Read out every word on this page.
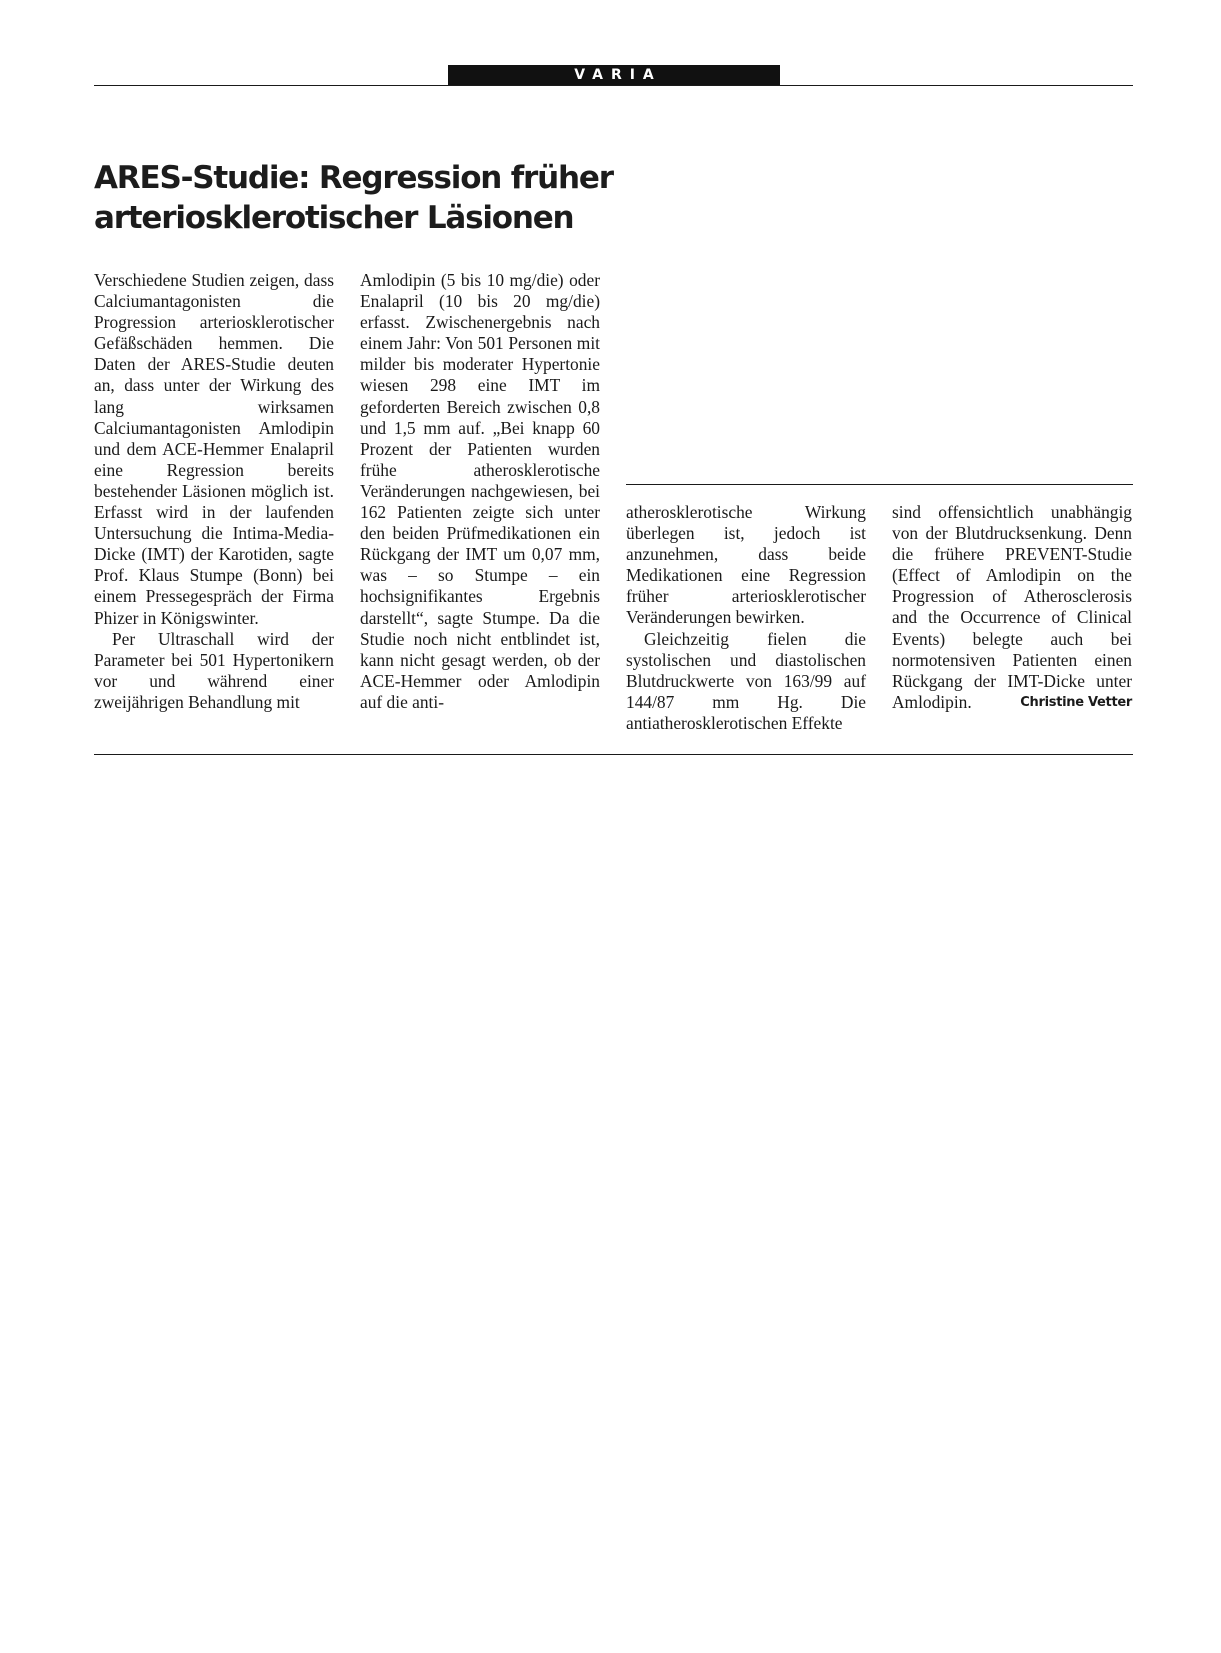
VARIA
ARES-Studie: Regression früher
arteriosklerotischer Läsionen

Verschiedene Studien zeigen, dass Calciumantagonisten die Progression arteriosklerotischer Gefäßschäden hemmen. Die Daten der ARES-Studie deuten an, dass unter der Wirkung des lang wirksamen Calciumantagonisten Amlodipin und dem ACE-Hemmer Enalapril eine Regression bereits bestehender Läsionen möglich ist. Erfasst wird in der laufenden Untersuchung die Intima-Media-Dicke (IMT) der Karotiden, sagte Prof. Klaus Stumpe (Bonn) bei einem Pressegespräch der Firma Phizer in Königswinter.

Per Ultraschall wird der Parameter bei 501 Hypertonikern vor und während einer zweijährigen Behandlung mit

Amlodipin (5 bis 10 mg/die) oder Enalapril (10 bis 20 mg/die) erfasst. Zwischenergebnis nach einem Jahr: Von 501 Personen mit milder bis moderater Hypertonie wiesen 298 eine IMT im geforderten Bereich zwischen 0,8 und 1,5 mm auf. „Bei knapp 60 Prozent der Patienten wurden frühe atherosklerotische Veränderungen nachgewiesen, bei 162 Patienten zeigte sich unter den beiden Prüfmedikationen ein Rückgang der IMT um 0,07 mm, was – so Stumpe – ein hochsignifikantes Ergebnis darstellt“, sagte Stumpe. Da die Studie noch nicht entblindet ist, kann nicht gesagt werden, ob der ACE-Hemmer oder Amlodipin auf die anti-

atherosklerotische Wirkung überlegen ist, jedoch ist anzunehmen, dass beide Medikationen eine Regression früher arteriosklerotischer Veränderungen bewirken.

Gleichzeitig fielen die systolischen und diastolischen Blutdruckwerte von 163/99 auf 144/87 mm Hg. Die antiatherosklerotischen Effekte

sind offensichtlich unabhängig von der Blutdrucksenkung. Denn die frühere PREVENT-Studie (Effect of Amlodipin on the Progression of Atherosclerosis and the Occurrence of Clinical Events) belegte auch bei normotensiven Patienten einen Rückgang der IMT-Dicke unter Amlodipin.	Christine Vetter
